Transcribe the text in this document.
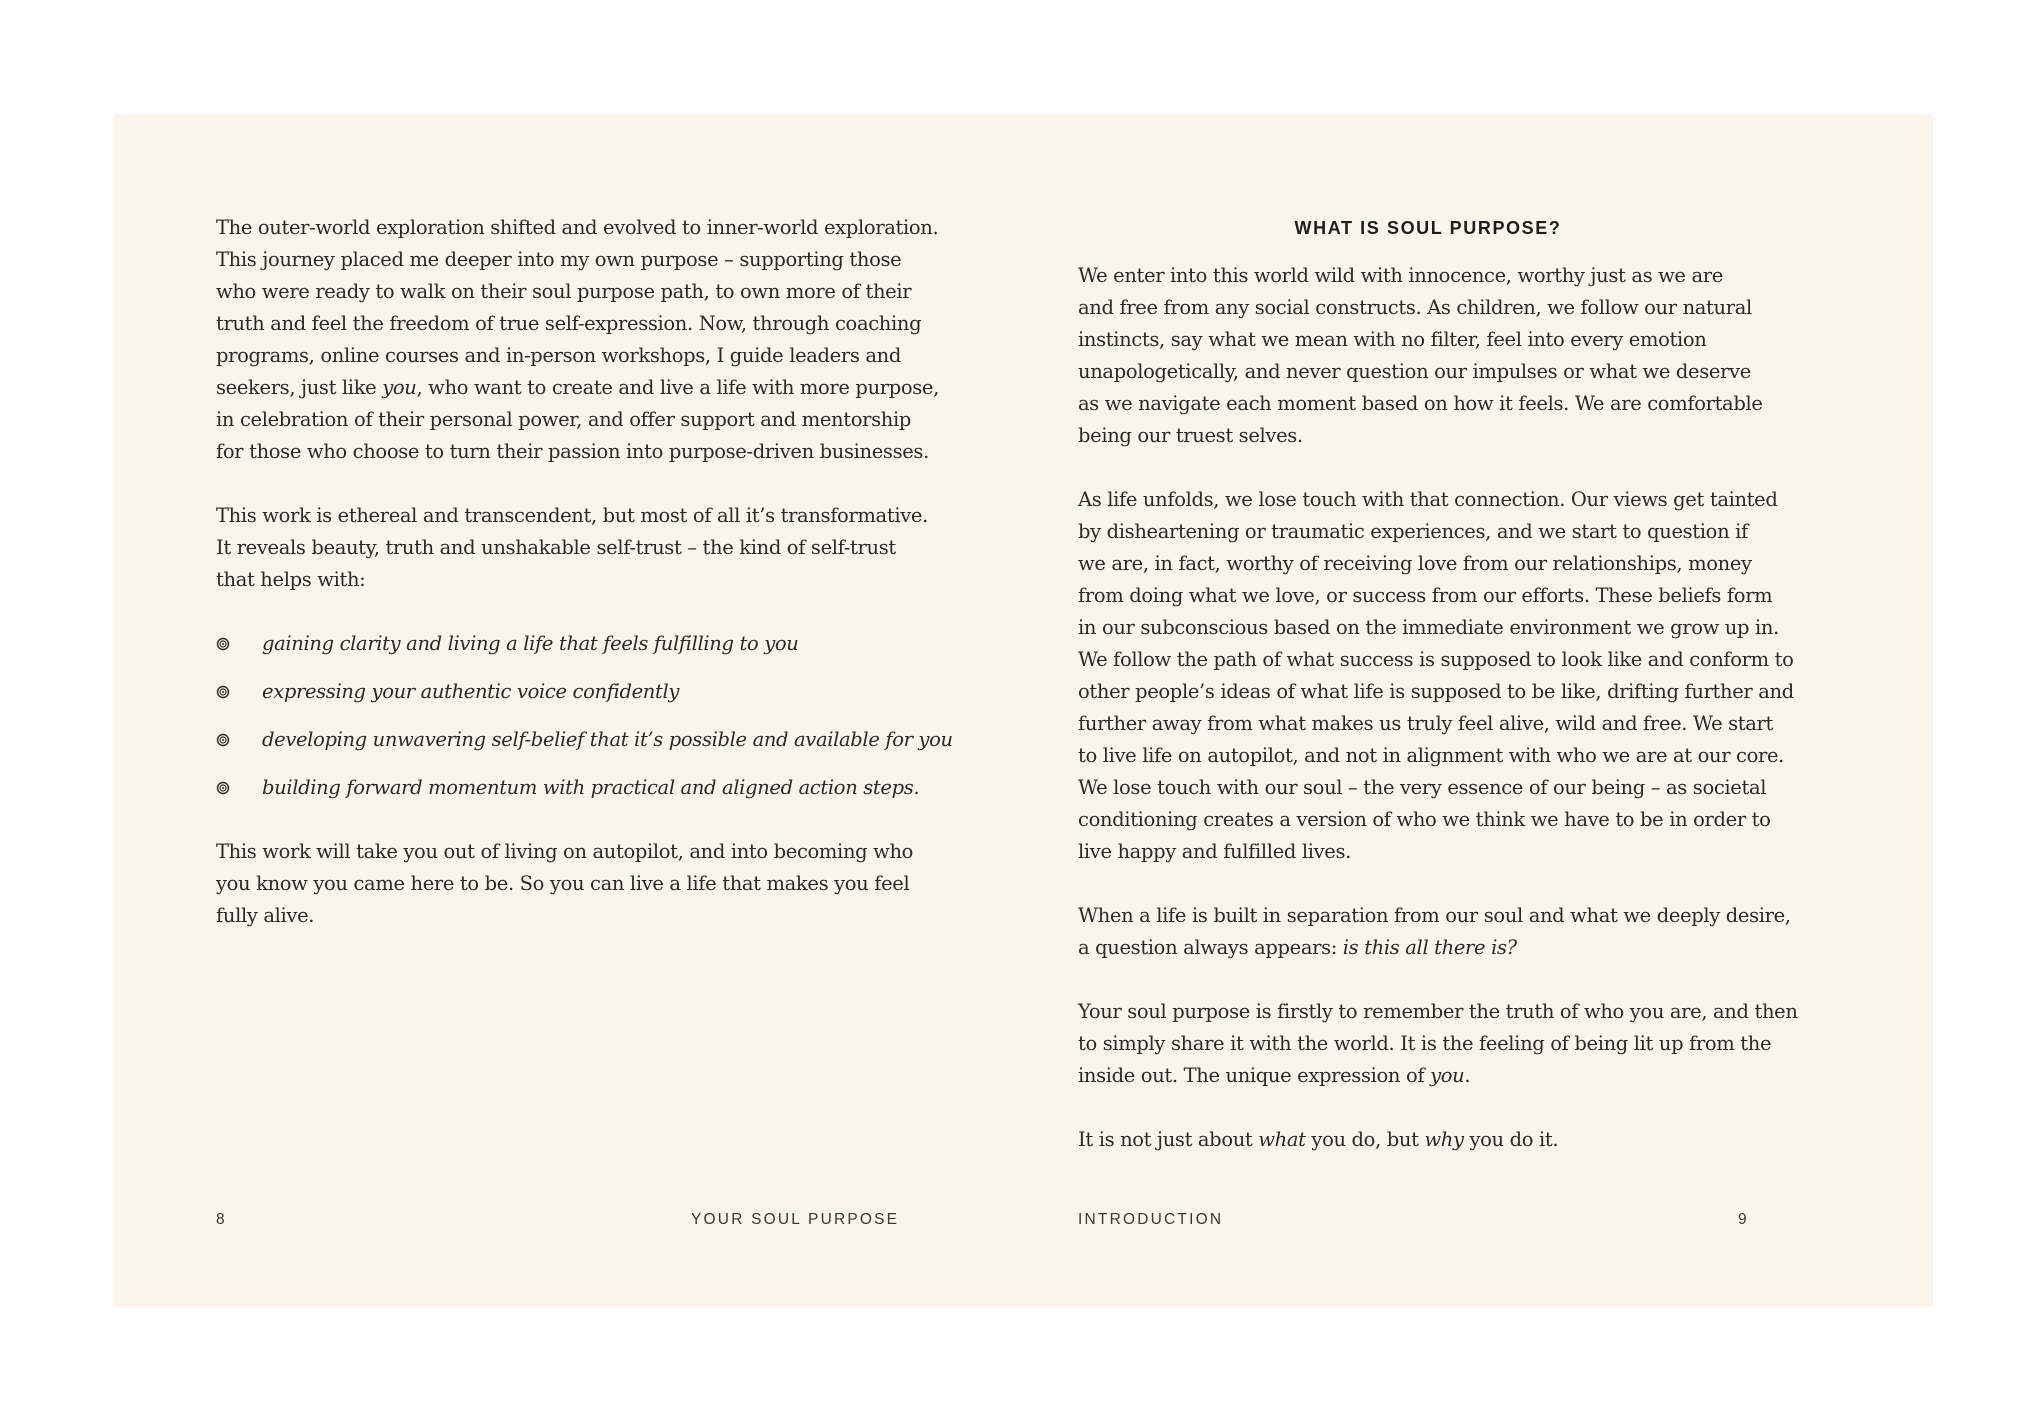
The outer-world exploration shifted and evolved to inner-world exploration.
This journey placed me deeper into my own purpose – supporting those
who were ready to walk on their soul purpose path, to own more of their
truth and feel the freedom of true self-expression. Now, through coaching
programs, online courses and in-person workshops, I guide leaders and
seekers, just like you, who want to create and live a life with more purpose,
in celebration of their personal power, and offer support and mentorship
for those who choose to turn their passion into purpose-driven businesses.

This work is ethereal and transcendent, but most of all it’s transformative.
It reveals beauty, truth and unshakable self-trust – the kind of self-trust
that helps with:

gaining clarity and living a life that feels fulfilling to you
expressing your authentic voice confidently
developing unwavering self-belief that it’s possible and available for you
building forward momentum with practical and aligned action steps.

This work will take you out of living on autopilot, and into becoming who
you know you came here to be. So you can live a life that makes you feel
fully alive.

8	YOUR SOUL PURPOSE
WHAT IS SOUL PURPOSE?

We enter into this world wild with innocence, worthy just as we are
and free from any social constructs. As children, we follow our natural
instincts, say what we mean with no filter, feel into every emotion
unapologetically, and never question our impulses or what we deserve
as we navigate each moment based on how it feels. We are comfortable
being our truest selves.

As life unfolds, we lose touch with that connection. Our views get tainted
by disheartening or traumatic experiences, and we start to question if
we are, in fact, worthy of receiving love from our relationships, money
from doing what we love, or success from our efforts. These beliefs form
in our subconscious based on the immediate environment we grow up in.
We follow the path of what success is supposed to look like and conform to
other people’s ideas of what life is supposed to be like, drifting further and
further away from what makes us truly feel alive, wild and free. We start
to live life on autopilot, and not in alignment with who we are at our core.
We lose touch with our soul – the very essence of our being – as societal
conditioning creates a version of who we think we have to be in order to
live happy and fulfilled lives.

When a life is built in separation from our soul and what we deeply desire,
a question always appears: is this all there is?

Your soul purpose is firstly to remember the truth of who you are, and then
to simply share it with the world. It is the feeling of being lit up from the
inside out. The unique expression of you.

It is not just about what you do, but why you do it.

INTRODUCTION	9
